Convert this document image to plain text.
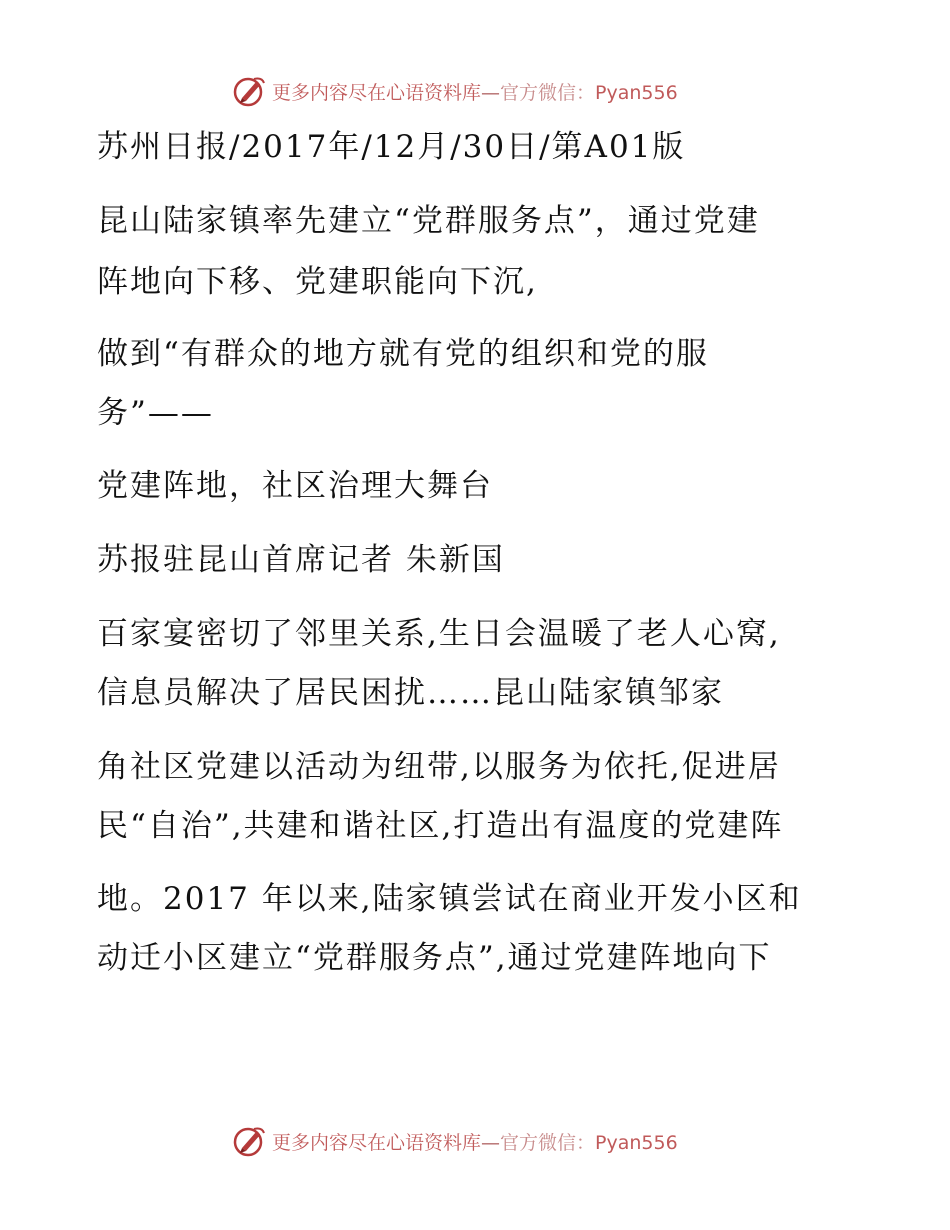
更多内容尽在心语资料库—官方微信：Pyan556

苏州日报/2017年/12月/30日/第A01版

昆山陆家镇率先建立“党群服务点”，通过党建

阵地向下移、党建职能向下沉,

做到“有群众的地方就有党的组织和党的服

务”——

党建阵地，社区治理大舞台

苏报驻昆山首席记者 朱新国

百家宴密切了邻里关系,生日会温暖了老人心窝,

信息员解决了居民困扰……昆山陆家镇邹家

角社区党建以活动为纽带,以服务为依托,促进居

民“自治”,共建和谐社区,打造出有温度的党建阵

地。2017 年以来,陆家镇尝试在商业开发小区和

动迁小区建立“党群服务点”,通过党建阵地向下

更多内容尽在心语资料库—官方微信：Pyan556
